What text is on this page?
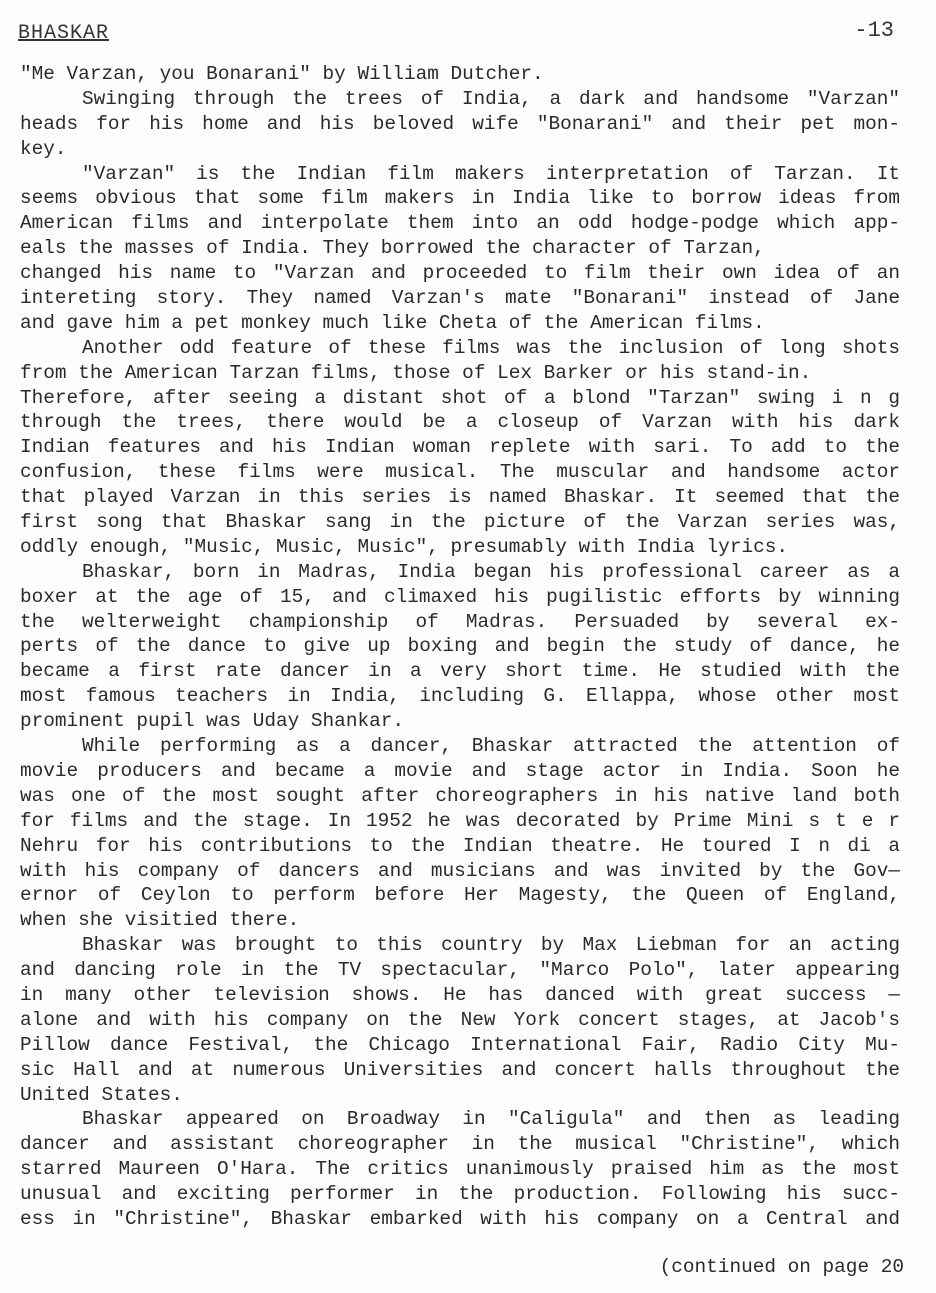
BHASKAR	-13
"Me Varzan, you Bonarani" by William Dutcher.
Swinging through the trees of India, a dark and handsome "Varzan"
heads for his home and his beloved wife "Bonarani" and their pet mon-
key.
"Varzan" is the Indian film makers interpretation of Tarzan. It
seems obvious that some film makers in India like to borrow ideas from
American films and interpolate them into an odd hodge-podge which app-
eals the masses of India. They borrowed the character of Tarzan,
changed his name to "Varzan and proceeded to film their own idea of an
intereting story. They named Varzan's mate "Bonarani" instead of Jane
and gave him a pet monkey much like Cheta of the American films.
Another odd feature of these films was the inclusion of long shots
from the American Tarzan films, those of Lex Barker or his stand-in.
Therefore, after seeing a distant shot of a blond "Tarzan" swing i n g
through the trees, there would be a closeup of Varzan with his dark
Indian features and his Indian woman replete with sari. To add to the
confusion, these films were musical. The muscular and handsome actor
that played Varzan in this series is named Bhaskar. It seemed that the
first song that Bhaskar sang in the picture of the Varzan series was,
oddly enough, "Music, Music, Music", presumably with India lyrics.
Bhaskar, born in Madras, India began his professional career as a
boxer at the age of 15, and climaxed his pugilistic efforts by winning
the welterweight championship of Madras. Persuaded by several ex-
perts of the dance to give up boxing and begin the study of dance, he
became a first rate dancer in a very short time. He studied with the
most famous teachers in India, including G. Ellappa, whose other most
prominent pupil was Uday Shankar.
While performing as a dancer, Bhaskar attracted the attention of
movie producers and became a movie and stage actor in India. Soon he
was one of the most sought after choreographers in his native land both
for films and the stage. In 1952 he was decorated by Prime Mini s t e r
Nehru for his contributions to the Indian theatre. He toured I n di a
with his company of dancers and musicians and was invited by the Gov—
ernor of Ceylon to perform before Her Magesty, the Queen of England,
when she visitied there.
Bhaskar was brought to this country by Max Liebman for an acting
and dancing role in the TV spectacular, "Marco Polo", later appearing
in many other television shows. He has danced with great success —
alone and with his company on the New York concert stages, at Jacob's
Pillow dance Festival, the Chicago International Fair, Radio City Mu-
sic Hall and at numerous Universities and concert halls throughout the
United States.
Bhaskar appeared on Broadway in "Caligula" and then as leading
dancer and assistant choreographer in the musical "Christine", which
starred Maureen O'Hara. The critics unanimously praised him as the most
unusual and exciting performer in the production. Following his succ-
ess in "Christine", Bhaskar embarked with his company on a Central and
(continued on page 20
